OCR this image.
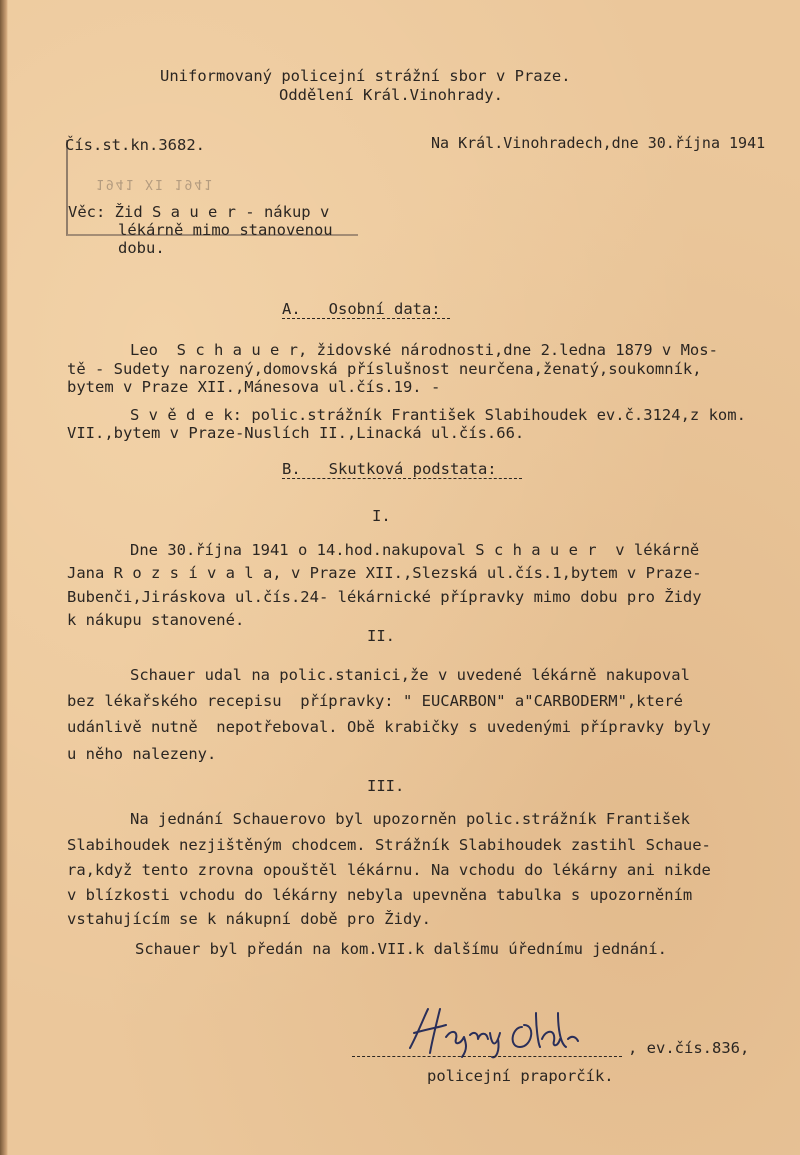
1941 XI 1941
Uniformovaný policejní strážní sbor v Praze.
Oddělení Král.Vinohrady.
Čís.st.kn.3682.	Na Král.Vinohradech,dne 30.října 1941
Věc: Žid S a u e r - nákup v
lékárně mimo stanovenou
dobu.
A.   Osobní data:
Leo  S c h a u e r, židovské národnosti,dne 2.ledna 1879 v Mos-
tě - Sudety narozený,domovská příslušnost neurčena,ženatý,soukomník,
bytem v Praze XII.,Mánesova ul.čís.19. -
S v ě d e k: polic.strážník František Slabihoudek ev.č.3124,z kom.
VII.,bytem v Praze-Nuslích II.,Linacká ul.čís.66.
B.   Skutková podstata:
I.
Dne 30.října 1941 o 14.hod.nakupoval S c h a u e r  v lékárně
Jana R o z s í v a l a, v Praze XII.,Slezská ul.čís.1,bytem v Praze-
Bubenči,Jiráskova ul.čís.24- lékárnické přípravky mimo dobu pro Židy
k nákupu stanovené.
II.
Schauer udal na polic.stanici,že v uvedené lékárně nakupoval
bez lékařského recepisu  přípravky: " EUCARBON" a"CARBODERM",které
udánlivě nutně  nepotřeboval. Obě krabičky s uvedenými přípravky byly
u něho nalezeny.
III.
Na jednání Schauerovo byl upozorněn polic.strážník František
Slabihoudek nezjištěným chodcem. Strážník Slabihoudek zastihl Schaue-
ra,když tento zrovna opouštěl lékárnu. Na vchodu do lékárny ani nikde
v blízkosti vchodu do lékárny nebyla upevněna tabulka s upozorněním
vstahujícím se k nákupní době pro Židy.
Schauer byl předán na kom.VII.k dalšímu úřednímu jednání.
, ev.čís.836,
policejní praporčík.
